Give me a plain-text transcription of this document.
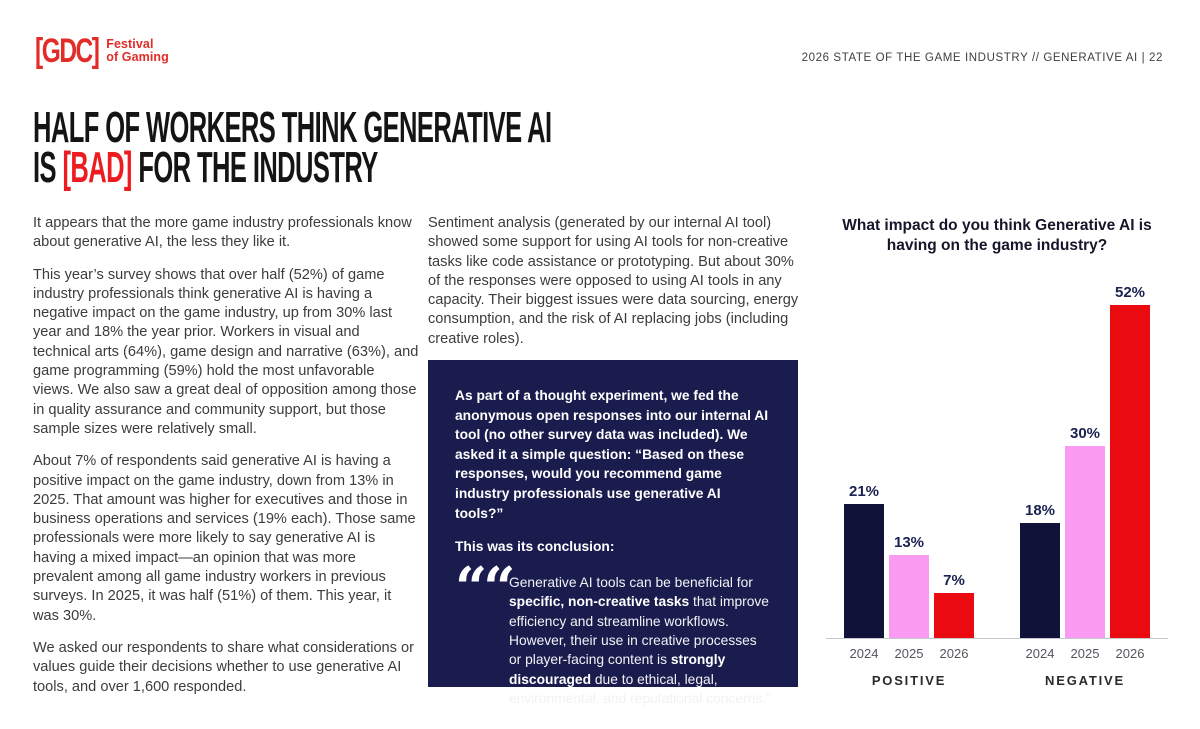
[GDC] Festival
of Gaming	2026 STATE OF THE GAME INDUSTRY // GENERATIVE AI | 22
HALF OF WORKERS THINK GENERATIVE AI
IS [BAD] FOR THE INDUSTRY

It appears that the more game industry professionals know about generative AI, the less they like it.

This year’s survey shows that over half (52%) of game industry professionals think generative AI is having a negative impact on the game industry, up from 30% last year and 18% the year prior. Workers in visual and technical arts (64%), game design and narrative (63%), and game programming (59%) hold the most unfavorable views. We also saw a great deal of opposition among those in quality assurance and community support, but those sample sizes were relatively small.

About 7% of respondents said generative AI is having a positive impact on the game industry, down from 13% in 2025. That amount was higher for executives and those in business operations and services (19% each). Those same professionals were more likely to say generative AI is having a mixed impact—an opinion that was more prevalent among all game industry workers in previous surveys. In 2025, it was half (51%) of them. This year, it was 30%.

We asked our respondents to share what considerations or values guide their decisions whether to use generative AI tools, and over 1,600 responded.

Sentiment analysis (generated by our internal AI tool) showed some support for using AI tools for non-creative tasks like code assistance or prototyping. But about 30% of the responses were opposed to using AI tools in any capacity. Their biggest issues were data sourcing, energy consumption, and the risk of AI replacing jobs (including creative roles).

As part of a thought experiment, we fed the anonymous open responses into our internal AI tool (no other survey data was included). We asked it a simple question: “Based on these responses, would you recommend game industry professionals use generative AI tools?”

This was its conclusion:

““
Generative AI tools can be beneficial for specific, non-creative tasks that improve efficiency and streamline workflows. However, their use in creative processes or player-facing content is strongly discouraged due to ethical, legal, environmental, and reputational concerns.”
What impact do you think Generative AI is having on the game industry?
21%
13%
7%
18%
30%
52%
2024	2025	2026	2024	2025	2026
POSITIVE	NEGATIVE
